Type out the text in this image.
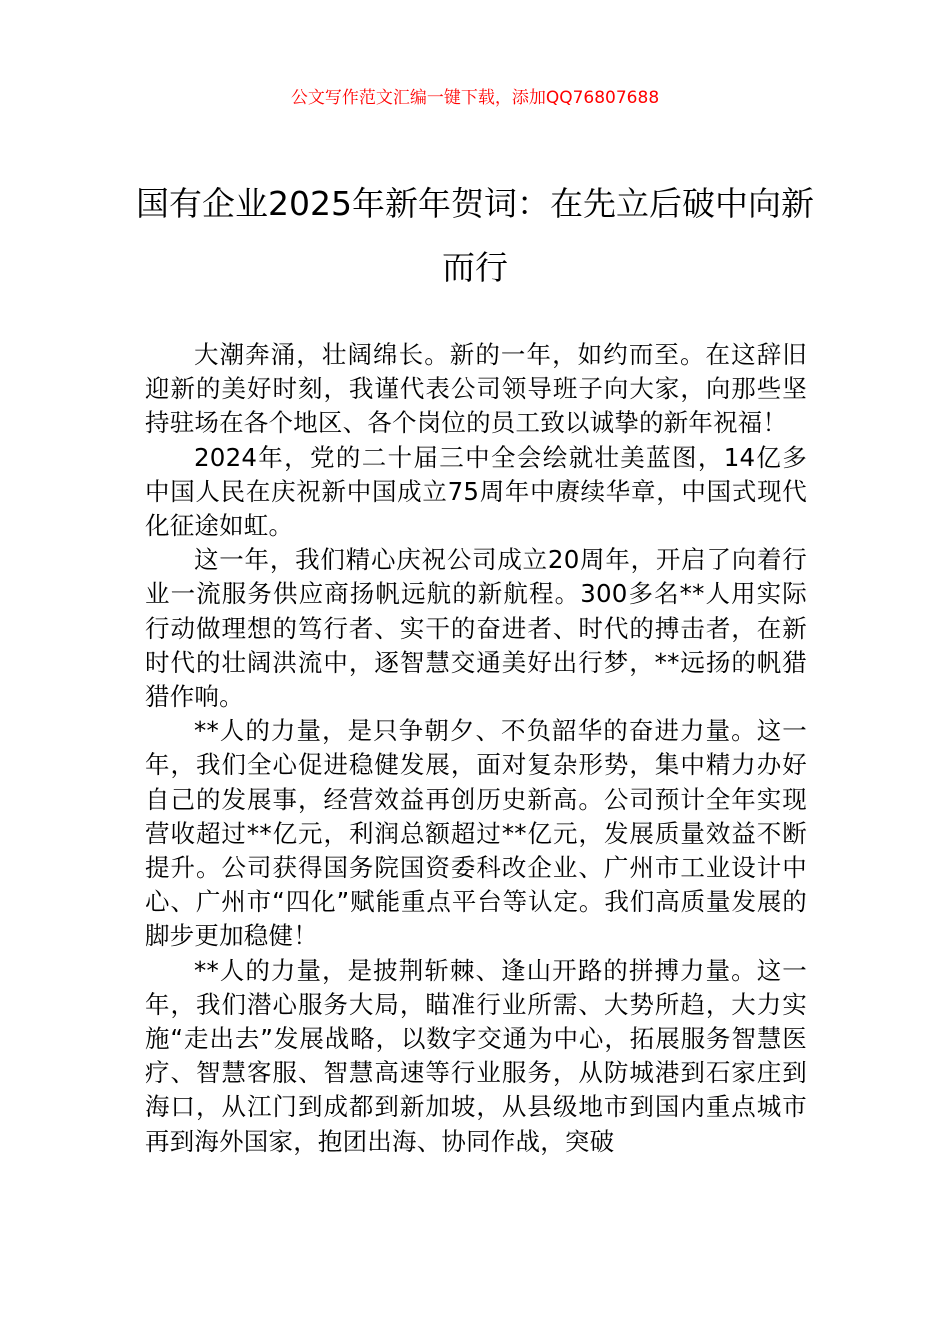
公文写作范文汇编一键下载，添加QQ76807688
国有企业2025年新年贺词：在先立后破中向新而行

大潮奔涌，壮阔绵长。新的一年，如约而至。在这辞旧迎新的美好时刻，我谨代表公司领导班子向大家，向那些坚持驻场在各个地区、各个岗位的员工致以诚挚的新年祝福！

2024年，党的二十届三中全会绘就壮美蓝图，14亿多中国人民在庆祝新中国成立75周年中赓续华章，中国式现代化征途如虹。

这一年，我们精心庆祝公司成立20周年，开启了向着行业一流服务供应商扬帆远航的新航程。300多名**人用实际行动做理想的笃行者、实干的奋进者、时代的搏击者，在新时代的壮阔洪流中，逐智慧交通美好出行梦，**远扬的帆猎猎作响。

**人的力量，是只争朝夕、不负韶华的奋进力量。这一年，我们全心促进稳健发展，面对复杂形势，集中精力办好自己的发展事，经营效益再创历史新高。公司预计全年实现营收超过**亿元，利润总额超过**亿元，发展质量效益不断提升。公司获得国务院国资委科改企业、广州市工业设计中心、广州市“四化”赋能重点平台等认定。我们高质量发展的脚步更加稳健！

**人的力量，是披荆斩棘、逢山开路的拼搏力量。这一年，我们潜心服务大局，瞄准行业所需、大势所趋，大力实施“走出去”发展战略，以数字交通为中心，拓展服务智慧医疗、智慧客服、智慧高速等行业服务，从防城港到石家庄到海口，从江门到成都到新加坡，从县级地市到国内重点城市再到海外国家，抱团出海、协同作战，突破
